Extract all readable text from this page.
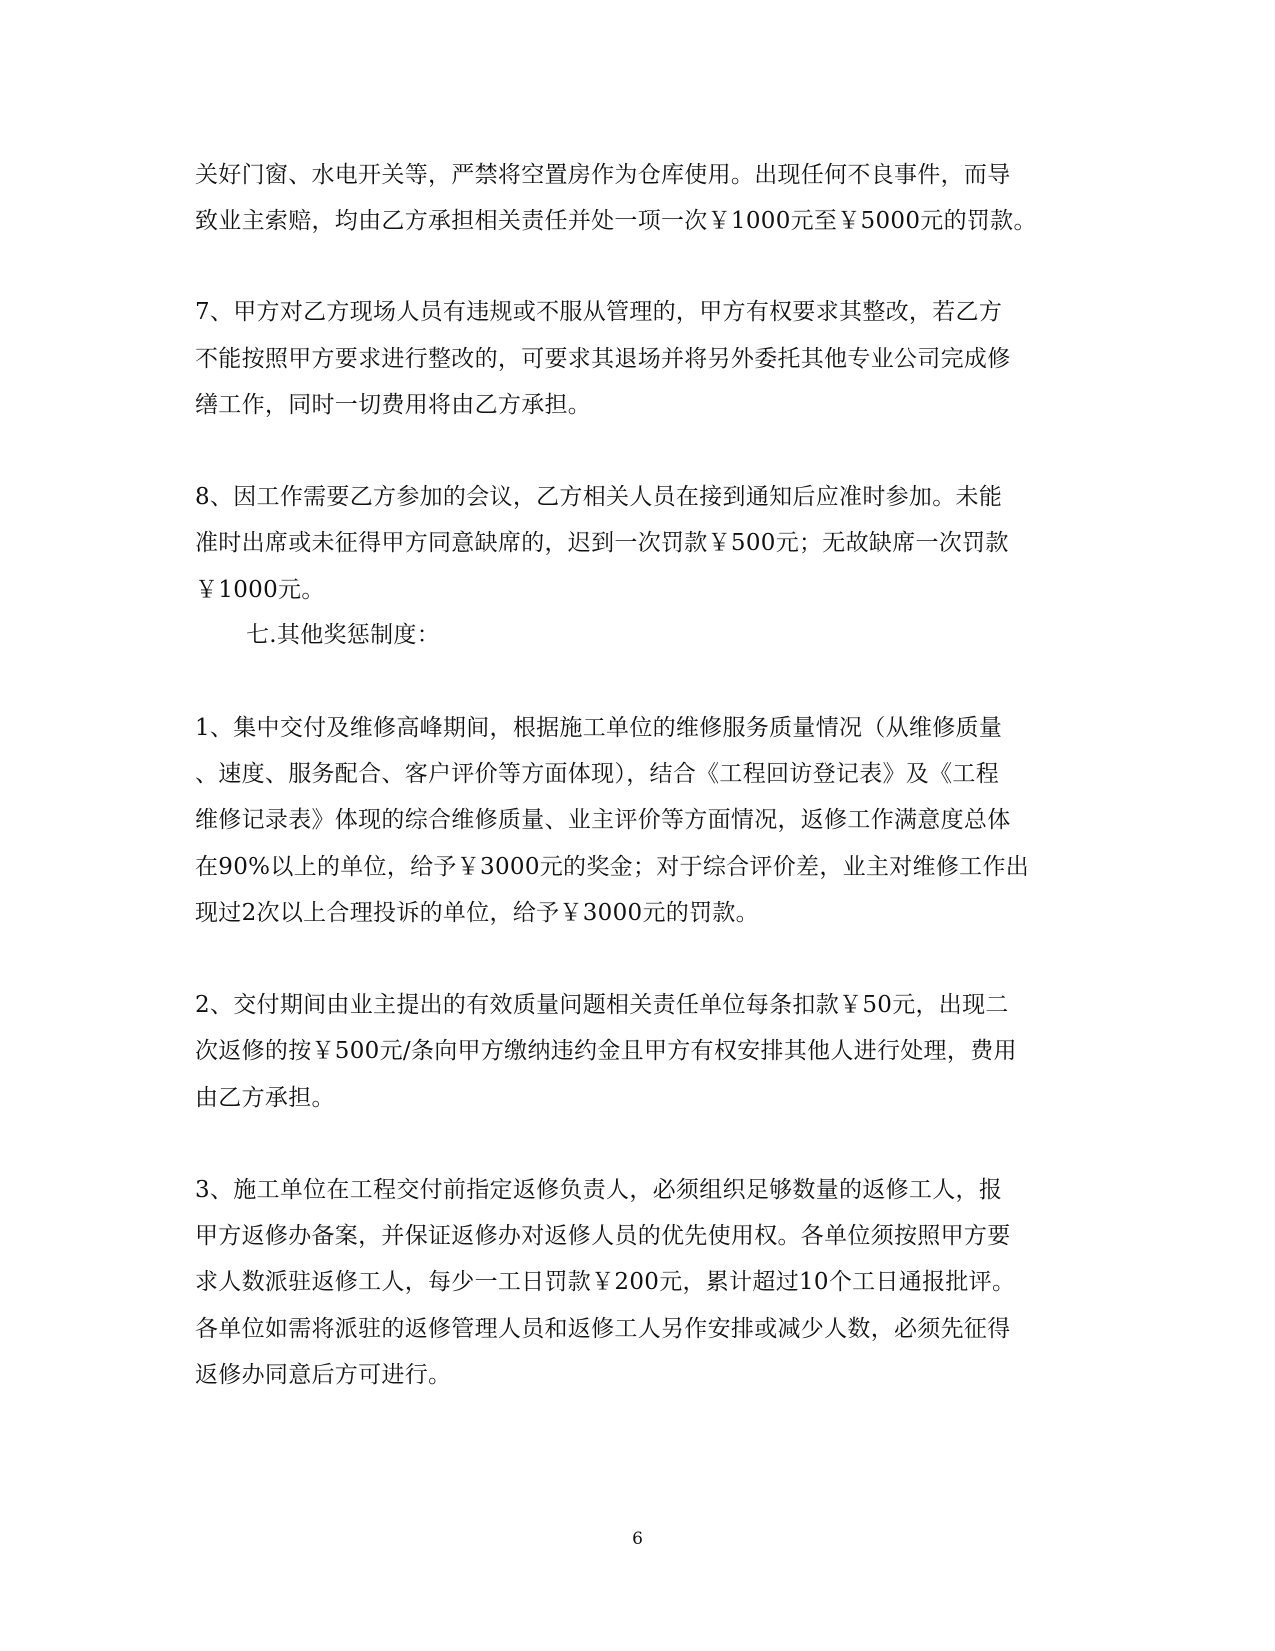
关好门窗、水电开关等，严禁将空置房作为仓库使用。出现任何不良事件，而导
致业主索赔，均由乙方承担相关责任并处一项一次￥1000元至￥5000元的罚款。
7、甲方对乙方现场人员有违规或不服从管理的，甲方有权要求其整改，若乙方
不能按照甲方要求进行整改的，可要求其退场并将另外委托其他专业公司完成修
缮工作，同时一切费用将由乙方承担。
8、因工作需要乙方参加的会议，乙方相关人员在接到通知后应准时参加。未能
准时出席或未征得甲方同意缺席的，迟到一次罚款￥500元；无故缺席一次罚款
￥1000元。
七.其他奖惩制度：
1、集中交付及维修高峰期间，根据施工单位的维修服务质量情况（从维修质量
、速度、服务配合、客户评价等方面体现），结合《工程回访登记表》及《工程
维修记录表》体现的综合维修质量、业主评价等方面情况，返修工作满意度总体
在90%以上的单位，给予￥3000元的奖金；对于综合评价差，业主对维修工作出
现过2次以上合理投诉的单位，给予￥3000元的罚款。
2、交付期间由业主提出的有效质量问题相关责任单位每条扣款￥50元，出现二
次返修的按￥500元/条向甲方缴纳违约金且甲方有权安排其他人进行处理，费用
由乙方承担。
3、施工单位在工程交付前指定返修负责人，必须组织足够数量的返修工人，报
甲方返修办备案，并保证返修办对返修人员的优先使用权。各单位须按照甲方要
求人数派驻返修工人，每少一工日罚款￥200元，累计超过10个工日通报批评。
各单位如需将派驻的返修管理人员和返修工人另作安排或减少人数，必须先征得
返修办同意后方可进行。
6
